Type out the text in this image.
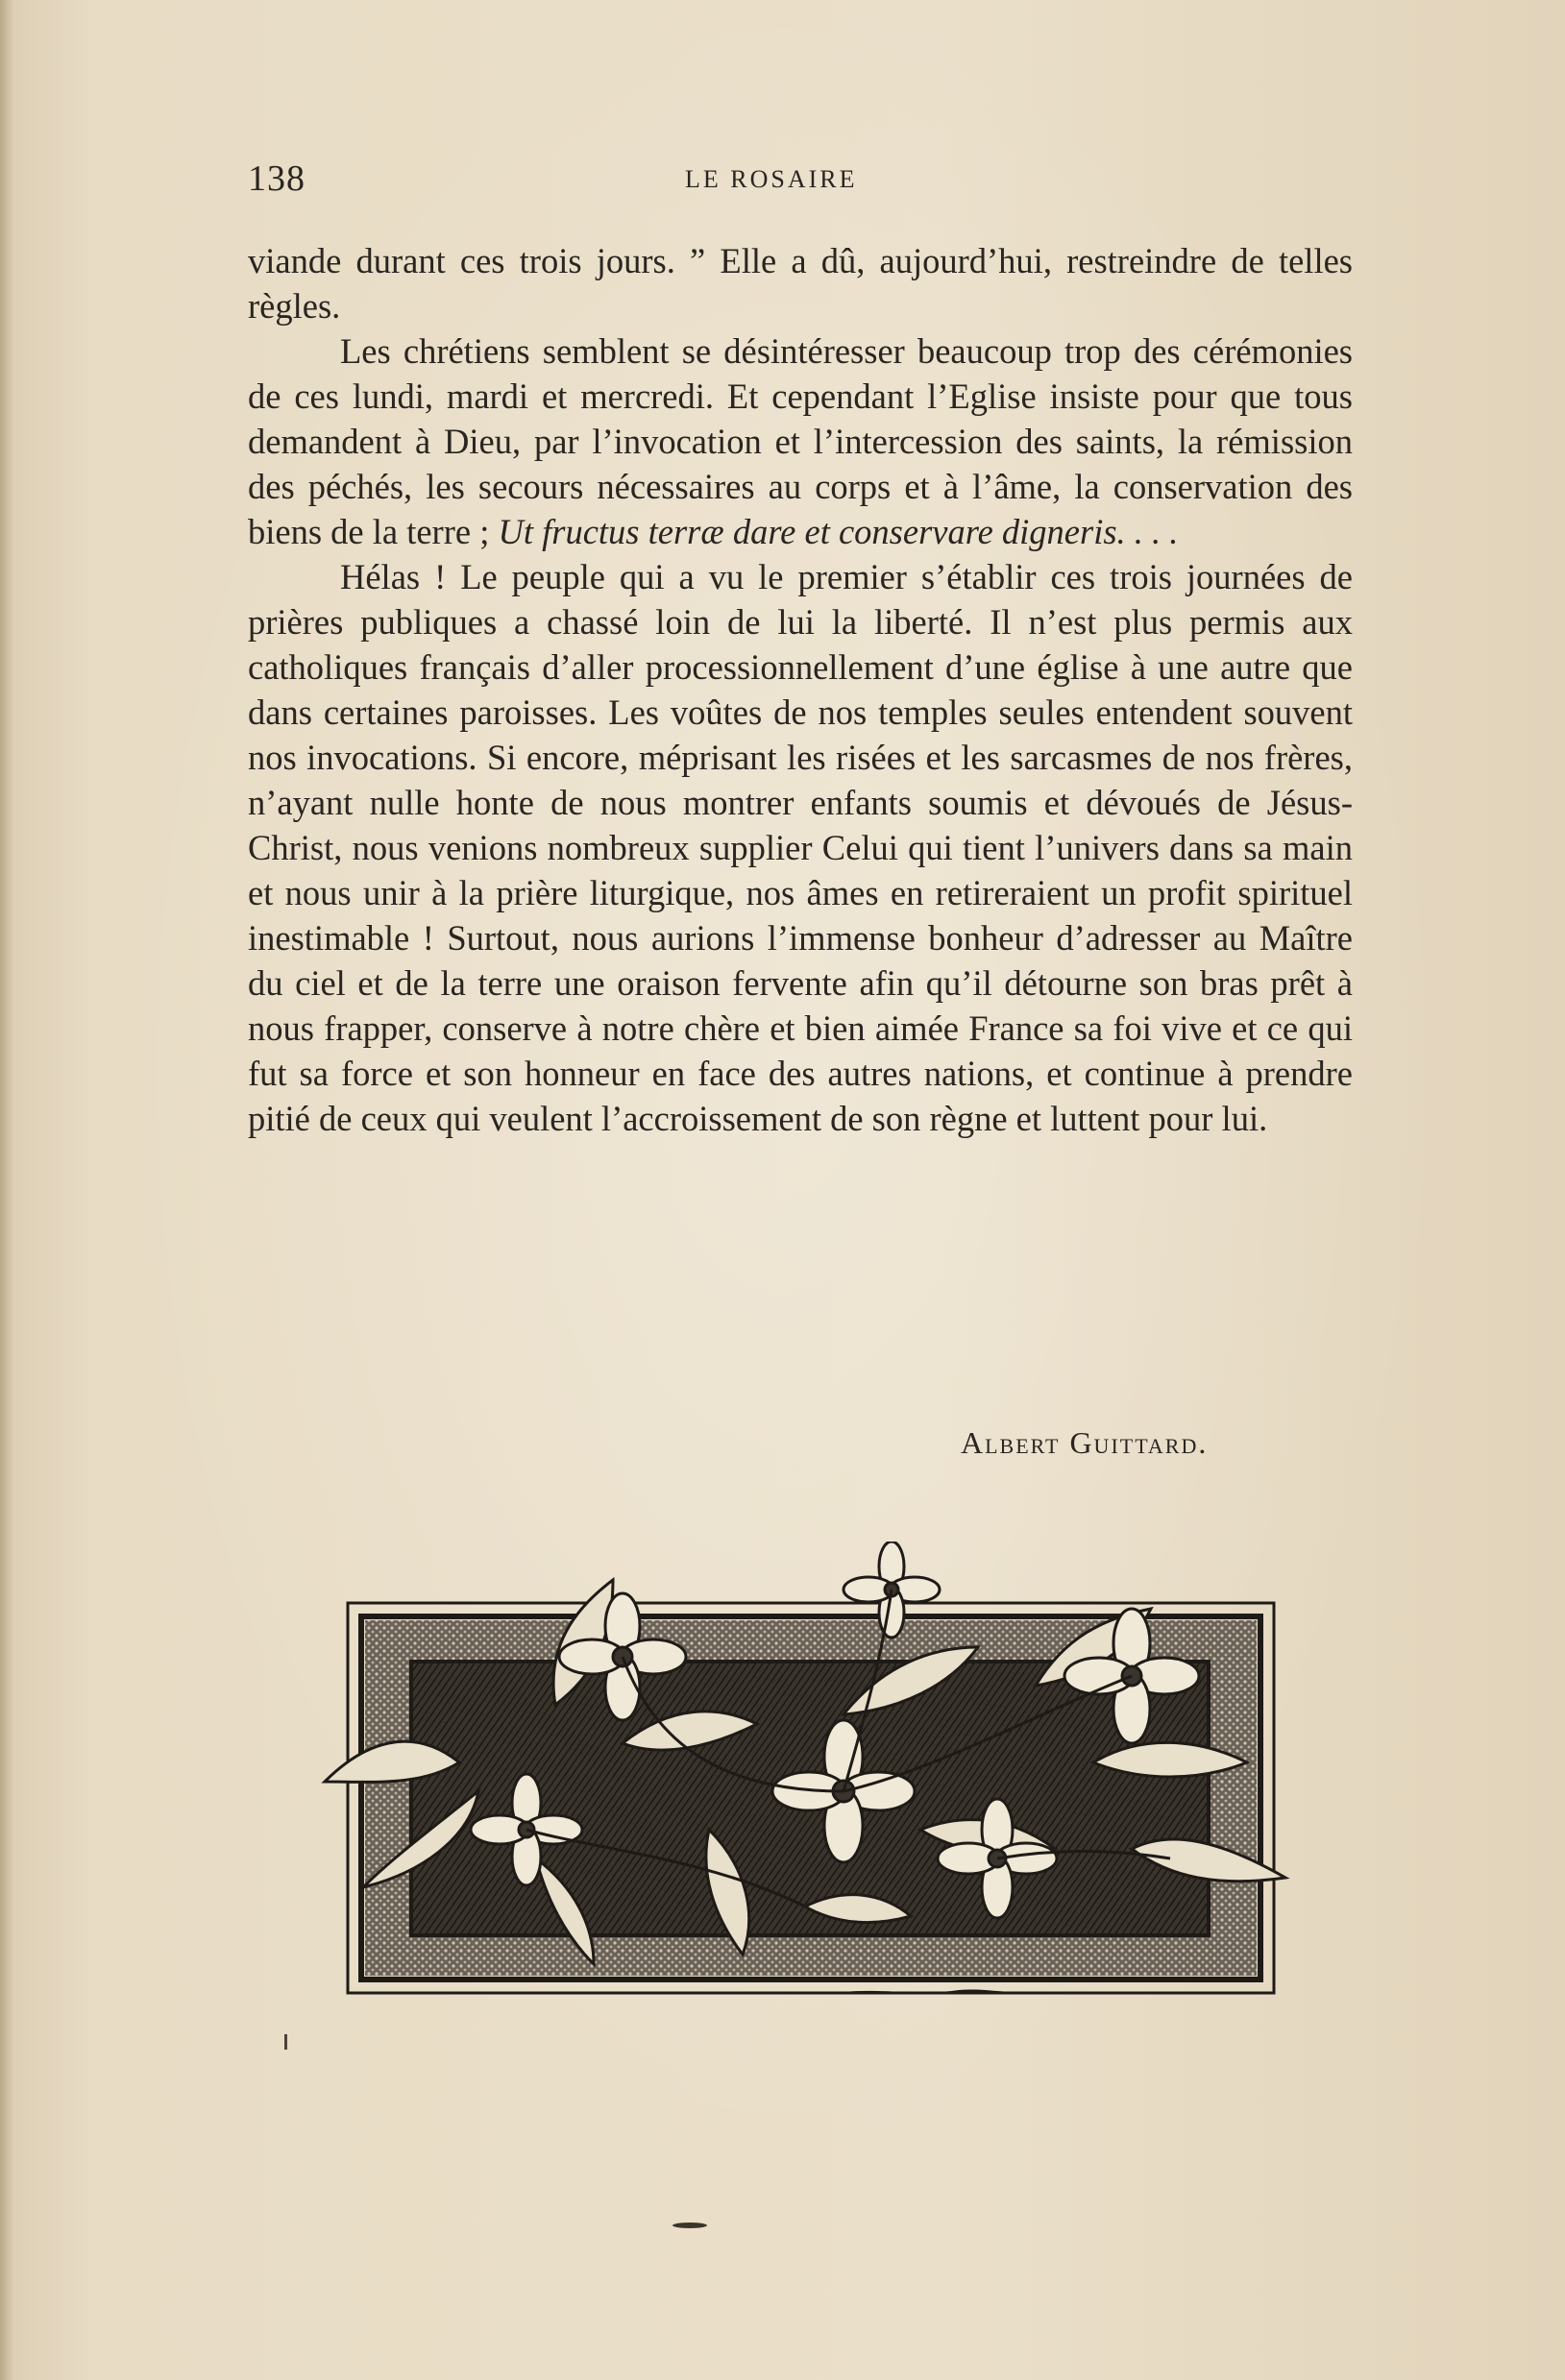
138	LE ROSAIRE

viande durant ces trois jours. ” Elle a dû, aujourd’hui, restreindre de telles règles.

Les chrétiens semblent se désintéresser beaucoup trop des cérémonies de ces lundi, mardi et mercredi. Et cependant l’Eglise insiste pour que tous demandent à Dieu, par l’invocation et l’intercession des saints, la rémission des péchés, les secours nécessaires au corps et à l’âme, la conservation des biens de la terre ; Ut fructus terræ dare et conservare digneris. . . .

Hélas ! Le peuple qui a vu le premier s’établir ces trois journées de prières publiques a chassé loin de lui la liberté. Il n’est plus permis aux catholiques français d’aller processionnellement d’une église à une autre que dans certaines paroisses. Les voûtes de nos temples seules entendent souvent nos invocations. Si encore, méprisant les risées et les sarcasmes de nos frères, n’ayant nulle honte de nous montrer enfants soumis et dévoués de Jésus-Christ, nous venions nombreux supplier Celui qui tient l’univers dans sa main et nous unir à la prière liturgique, nos âmes en retireraient un profit spirituel inestimable ! Surtout, nous aurions l’immense bonheur d’adresser au Maître du ciel et de la terre une oraison fervente afin qu’il détourne son bras prêt à nous frapper, conserve à notre chère et bien aimée France sa foi vive et ce qui fut sa force et son honneur en face des autres nations, et continue à prendre pitié de ceux qui veulent l’accroissement de son règne et luttent pour lui.

Albert Guittard.
